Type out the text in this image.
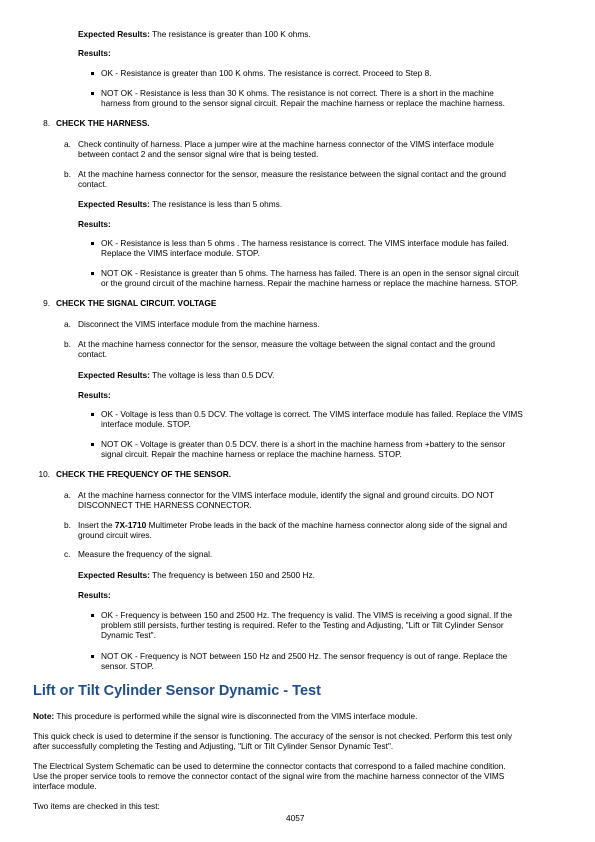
Expected Results: The resistance is greater than 100 K ohms.
Results:
OK - Resistance is greater than 100 K ohms. The resistance is correct. Proceed to Step 8.
NOT OK - Resistance is less than 30 K ohms. The resistance is not correct. There is a short in the machine
harness from ground to the sensor signal circuit. Repair the machine harness or replace the machine harness.
8. CHECK THE HARNESS.
a. Check continuity of harness. Place a jumper wire at the machine harness connector of the VIMS interface module
between contact 2 and the sensor signal wire that is being tested.
b. At the machine harness connector for the sensor, measure the resistance between the signal contact and the ground
contact.
Expected Results: The resistance is less than 5 ohms.
Results:
OK - Resistance is less than 5 ohms . The harness resistance is correct. The VIMS interface module has failed.
Replace the VIMS interface module. STOP.
NOT OK - Resistance is greater than 5 ohms. The harness has failed. There is an open in the sensor signal circuit
or the ground circuit of the machine harness. Repair the machine harness or replace the machine harness. STOP.
9. CHECK THE SIGNAL CIRCUIT. VOLTAGE
a. Disconnect the VIMS interface module from the machine harness.
b. At the machine harness connector for the sensor, measure the voltage between the signal contact and the ground
contact.
Expected Results: The voltage is less than 0.5 DCV.
Results:
OK - Voltage is less than 0.5 DCV. The voltage is correct. The VIMS interface module has failed. Replace the VIMS
interface module. STOP.
NOT OK - Voltage is greater than 0.5 DCV. there is a short in the machine harness from +battery to the sensor
signal circuit. Repair the machine harness or replace the machine harness. STOP.
10. CHECK THE FREQUENCY OF THE SENSOR.
a. At the machine harness connector for the VIMS interface module, identify the signal and ground circuits. DO NOT
DISCONNECT THE HARNESS CONNECTOR.
b. Insert the 7X-1710 Multimeter Probe leads in the back of the machine harness connector along side of the signal and
ground circuit wires.
c. Measure the frequency of the signal.
Expected Results: The frequency is between 150 and 2500 Hz.
Results:
OK - Frequency is between 150 and 2500 Hz. The frequency is valid. The VIMS is receiving a good signal. If the
problem still persists, further testing is required. Refer to the Testing and Adjusting, "Lift or Tilt Cylinder Sensor
Dynamic Test".
NOT OK - Frequency is NOT between 150 Hz and 2500 Hz. The sensor frequency is out of range. Replace the
sensor. STOP.
Lift or Tilt Cylinder Sensor Dynamic - Test
Note: This procedure is performed while the signal wire is disconnected from the VIMS interface module.
This quick check is used to determine if the sensor is functioning. The accuracy of the sensor is not checked. Perform this test only
after successfully completing the Testing and Adjusting, "Lift or Tilt Cylinder Sensor Dynamic Test".
The Electrical System Schematic can be used to determine the connector contacts that correspond to a failed machine condition.
Use the proper service tools to remove the connector contact of the signal wire from the machine harness connector of the VIMS
interface module.
Two items are checked in this test:
4057
